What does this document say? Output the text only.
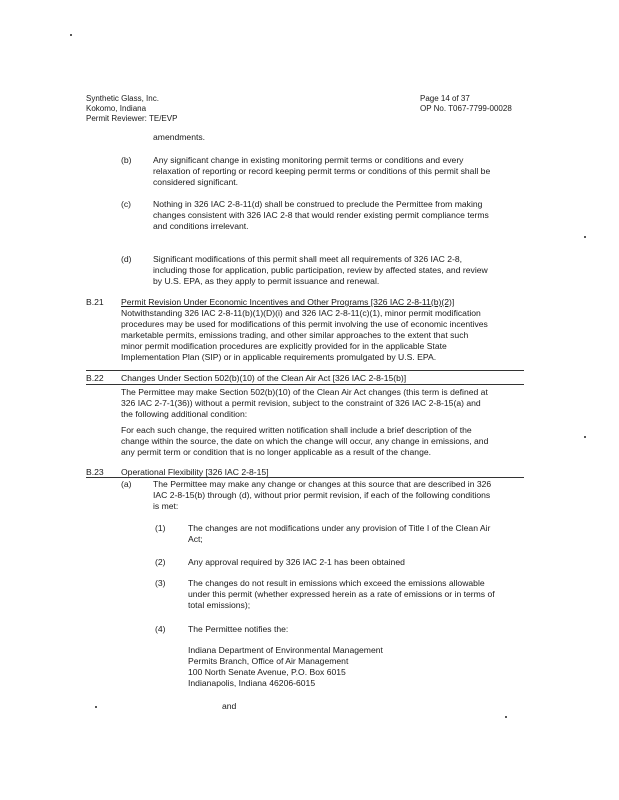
Synthetic Glass, Inc.
Kokomo, Indiana
Permit Reviewer: TE/EVP
Page 14 of 37
OP No. T067-7799-00028
amendments.
(b) Any significant change in existing monitoring permit terms or conditions and every
relaxation of reporting or record keeping permit terms or conditions of this permit shall be
considered significant.
(c)	Nothing in 326 IAC 2-8-11(d) shall be construed to preclude the Permittee from making
changes consistent with 326 IAC 2-8 that would render existing permit compliance terms
and conditions irrelevant.
(d) Significant modifications of this permit shall meet all requirements of 326 IAC 2-8,
including those for application, public participation, review by affected states, and review
by U.S. EPA, as they apply to permit issuance and renewal.
B.21 Permit Revision Under Economic Incentives and Other Programs [326 IAC 2-8-11(b)(2)]
Notwithstanding 326 IAC 2-8-11(b)(1)(D)(i) and 326 IAC 2-8-11(c)(1), minor permit modification
procedures may be used for modifications of this permit involving the use of economic incentives
marketable permits, emissions trading, and other similar approaches to the extent that such
minor permit modification procedures are explicitly provided for in the applicable State
Implementation Plan (SIP) or in applicable requirements promulgated by U.S. EPA.
B.22 Changes Under Section 502(b)(10) of the Clean Air Act [326 IAC 2-8-15(b)]
The Permittee may make Section 502(b)(10) of the Clean Air Act changes (this term is defined at
326 IAC 2-7-1(36)) without a permit revision, subject to the constraint of 326 IAC 2-8-15(a) and
the following additional condition:
For each such change, the required written notification shall include a brief description of the
change within the source, the date on which the change will occur, any change in emissions, and
any permit term or condition that is no longer applicable as a result of the change.
B.23 Operational Flexibility [326 IAC 2-8-15]
(a) The Permittee may make any change or changes at this source that are described in 326
IAC 2-8-15(b) through (d), without prior permit revision, if each of the following conditions
is met:
(1)	The changes are not modifications under any provision of Title I of the Clean Air
Act;
(2)	Any approval required by 326 IAC 2-1 has been obtained
(3)	The changes do not result in emissions which exceed the emissions allowable
under this permit (whether expressed herein as a rate of emissions or in terms of
total emissions);
(4)	The Permittee notifies the:
Indiana Department of Environmental Management
Permits Branch, Office of Air Management
100 North Senate Avenue, P.O. Box 6015
Indianapolis, Indiana 46206-6015
and
